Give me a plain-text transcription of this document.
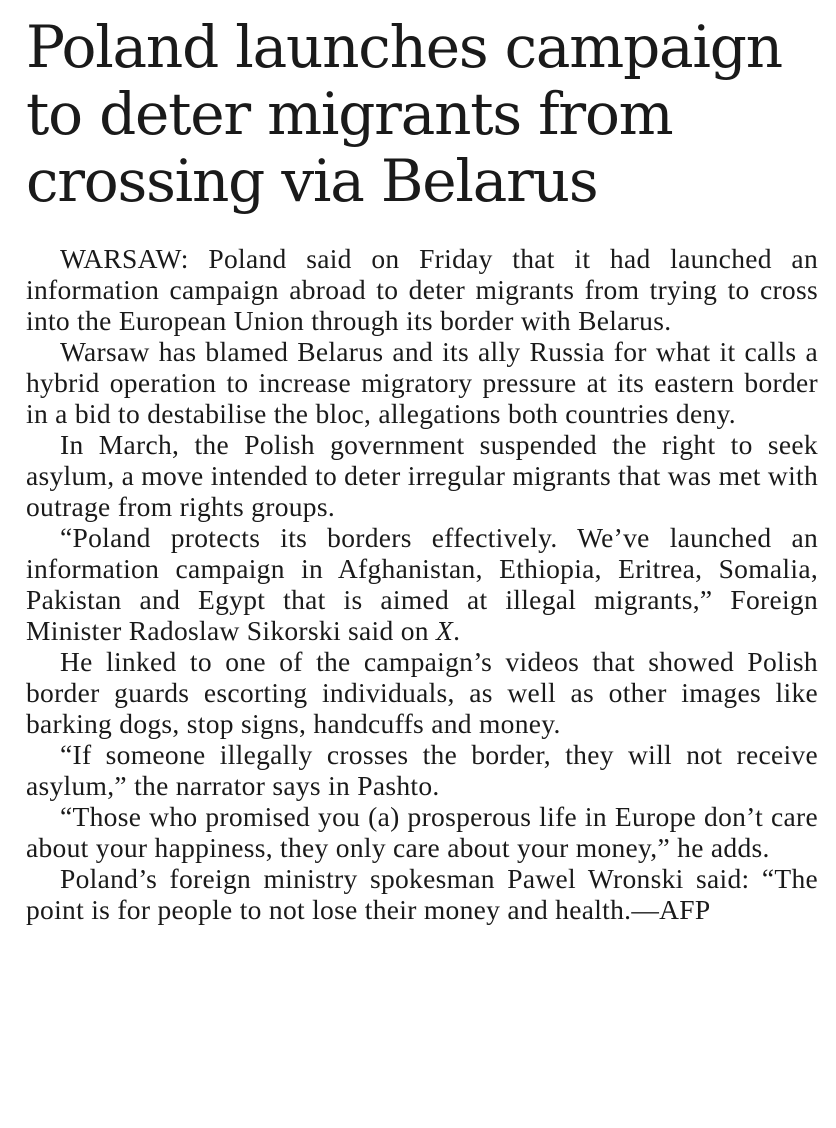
Poland launches campaign
to deter migrants from
crossing via Belarus

WARSAW: Poland said on Friday that it had launched an information campaign abroad to deter migrants from trying to cross into the European Union through its border with Belarus.

Warsaw has blamed Belarus and its ally Russia for what it calls a hybrid operation to increase migratory pressure at its eastern border in a bid to destabilise the bloc, allegations both countries deny.

In March, the Polish government suspended the right to seek asylum, a move intended to deter irregular migrants that was met with outrage from rights groups.

“Poland protects its borders effectively. We’ve launched an information campaign in Afghanistan, Ethiopia, Eritrea, Somalia, Pakistan and Egypt that is aimed at illegal migrants,” Foreign Minister Radoslaw Sikorski said on X.

He linked to one of the campaign’s videos that showed Polish border guards escorting individuals, as well as other images like barking dogs, stop signs, handcuffs and money.

“If someone illegally crosses the border, they will not receive asylum,” the narrator says in Pashto.

“Those who promised you (a) prosperous life in Europe don’t care about your happiness, they only care about your money,” he adds.

Poland’s foreign ministry spokesman Pawel Wronski said: “The point is for people to not lose their money and health.—AFP
